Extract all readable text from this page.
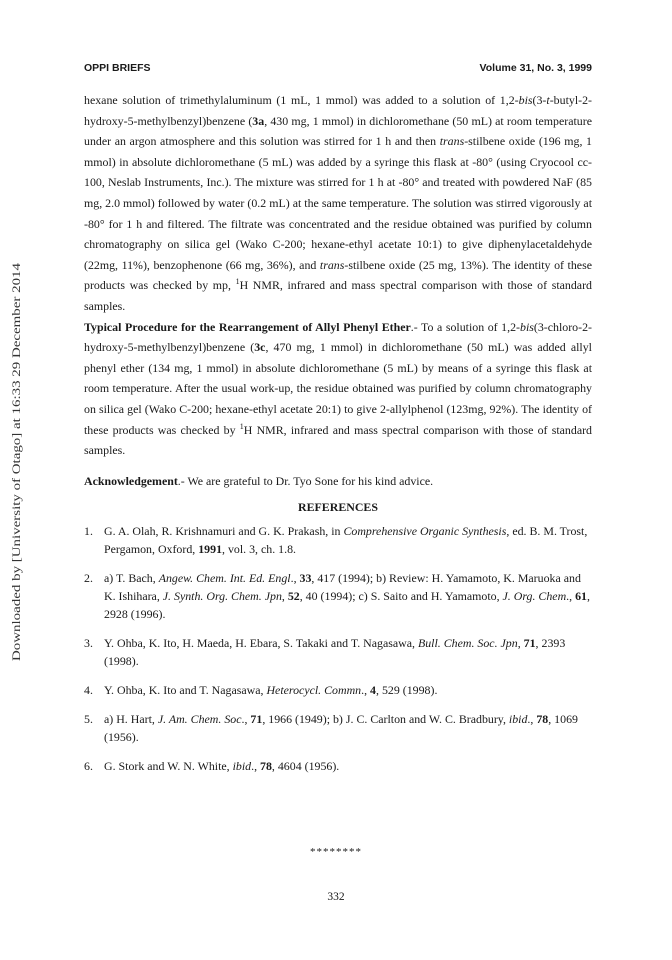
OPPI BRIEFS	Volume 31, No. 3, 1999
Downloaded by [University of Otago] at 16:33 29 December 2014

hexane solution of trimethylaluminum (1 mL, 1 mmol) was added to a solution of 1,2-bis(3-t-butyl-2-hydroxy-5-methylbenzyl)benzene (3a, 430 mg, 1 mmol) in dichloromethane (50 mL) at room temperature under an argon atmosphere and this solution was stirred for 1 h and then trans-stilbene oxide (196 mg, 1 mmol) in absolute dichloromethane (5 mL) was added by a syringe this flask at -80° (using Cryocool cc-100, Neslab Instruments, Inc.). The mixture was stirred for 1 h at -80° and treated with powdered NaF (85 mg, 2.0 mmol) followed by water (0.2 mL) at the same temperature. The solution was stirred vigorously at -80° for 1 h and filtered. The filtrate was concentrated and the residue obtained was purified by column chromatography on silica gel (Wako C-200; hexane-ethyl acetate 10:1) to give diphenylacetaldehyde (22mg, 11%), benzophenone (66 mg, 36%), and trans-stilbene oxide (25 mg, 13%). The identity of these products was checked by mp, $^1$H NMR, infrared and mass spectral comparison with those of standard samples.

Typical Procedure for the Rearrangement of Allyl Phenyl Ether.- To a solution of 1,2-bis(3-chloro-2-hydroxy-5-methylbenzyl)benzene (3c, 470 mg, 1 mmol) in dichloromethane (50 mL) was added allyl phenyl ether (134 mg, 1 mmol) in absolute dichloromethane (5 mL) by means of a syringe this flask at room temperature. After the usual work-up, the residue obtained was purified by column chromatography on silica gel (Wako C-200; hexane-ethyl acetate 20:1) to give 2-allylphenol (123mg, 92%). The identity of these products was checked by $^1$H NMR, infrared and mass spectral comparison with those of standard samples.

Acknowledgement.- We are grateful to Dr. Tyo Sone for his kind advice.

REFERENCES
1. G. A. Olah, R. Krishnamuri and G. K. Prakash, in Comprehensive Organic Synthesis, ed. B. M. Trost, Pergamon, Oxford, 1991, vol. 3, ch. 1.8.
2. a) T. Bach, Angew. Chem. Int. Ed. Engl., 33, 417 (1994); b) Review: H. Yamamoto, K. Maruoka and K. Ishihara, J. Synth. Org. Chem. Jpn, 52, 40 (1994); c) S. Saito and H. Yamamoto, J. Org. Chem., 61, 2928 (1996).
3. Y. Ohba, K. Ito, H. Maeda, H. Ebara, S. Takaki and T. Nagasawa, Bull. Chem. Soc. Jpn, 71, 2393 (1998).
4. Y. Ohba, K. Ito and T. Nagasawa, Heterocycl. Commn., 4, 529 (1998).
5. a) H. Hart, J. Am. Chem. Soc., 71, 1966 (1949); b) J. C. Carlton and W. C. Bradbury, ibid., 78, 1069 (1956).
6. G. Stork and W. N. White, ibid., 78, 4604 (1956).
********
332
